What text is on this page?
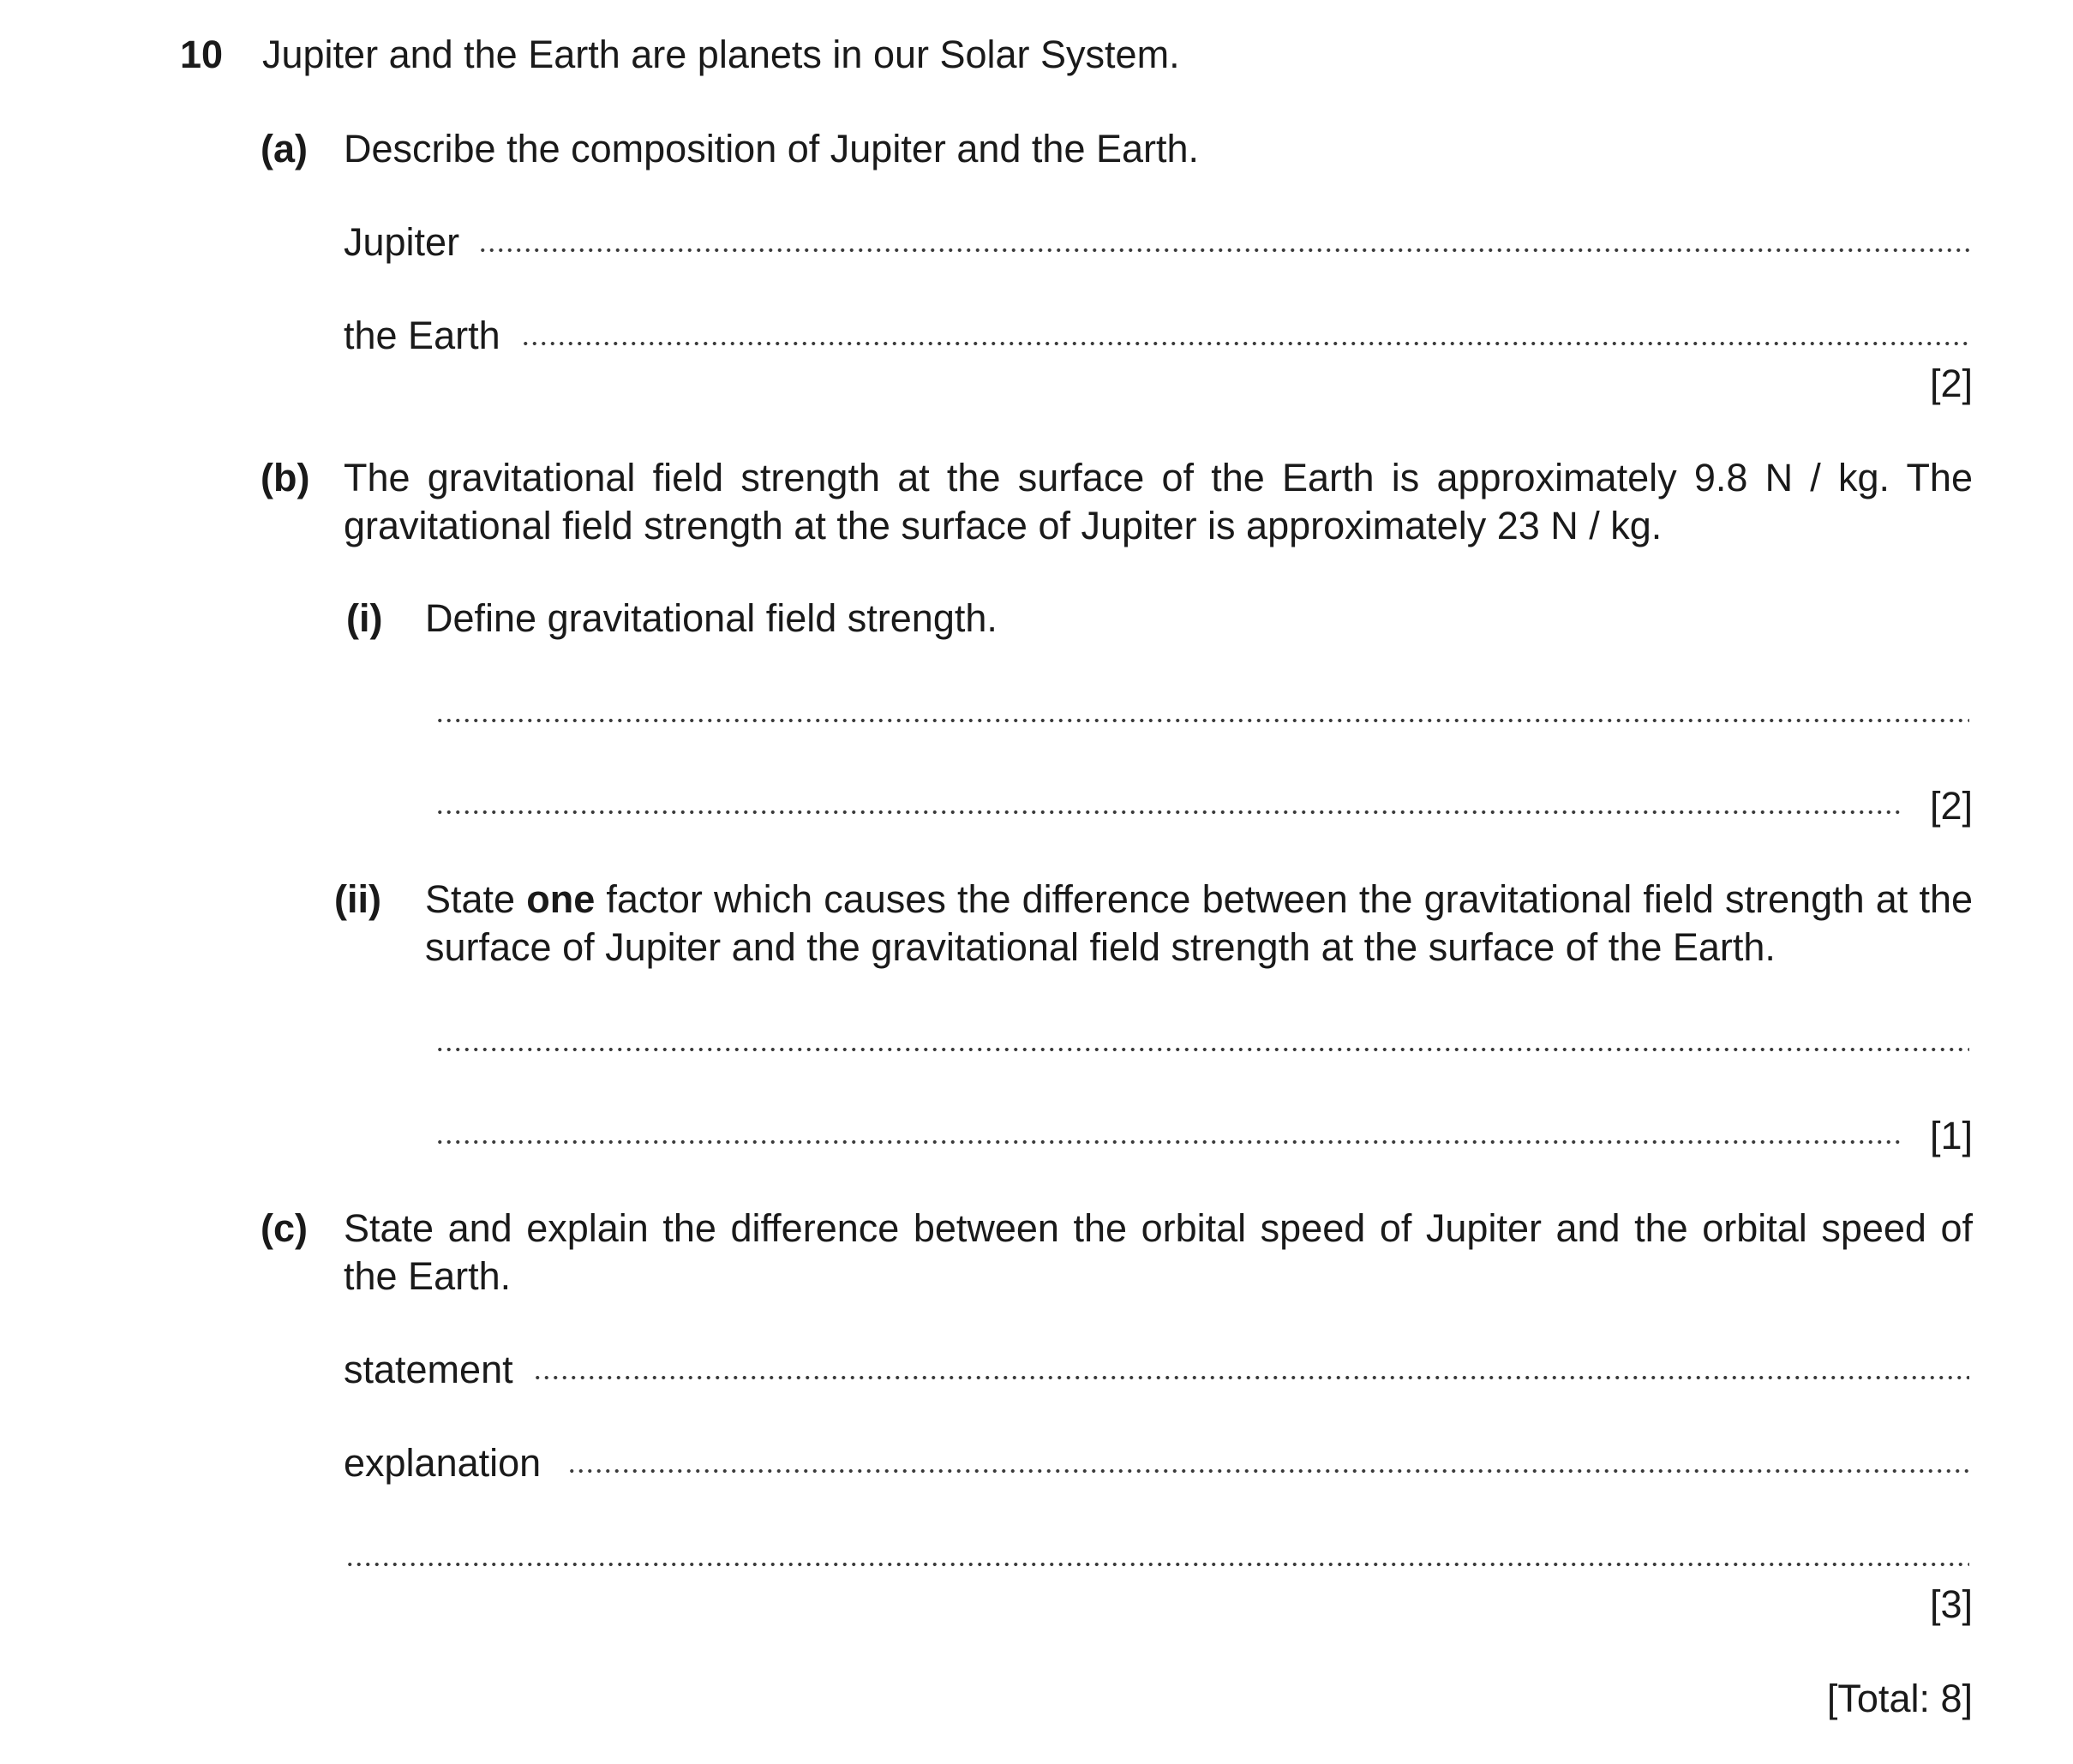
10 Jupiter and the Earth are planets in our Solar System.
(a) Describe the composition of Jupiter and the Earth.
Jupiter
the Earth
[2]
(b) The gravitational field strength at the surface of the Earth is approximately 9.8 N / kg. The gravitational field strength at the surface of Jupiter is approximately 23 N / kg.
(i) Define gravitational field strength.
[2]
(ii) State one factor which causes the difference between the gravitational field strength at the surface of Jupiter and the gravitational field strength at the surface of the Earth.
[1]
(c) State and explain the difference between the orbital speed of Jupiter and the orbital speed of the Earth.
statement
explanation
[3]
[Total: 8]
